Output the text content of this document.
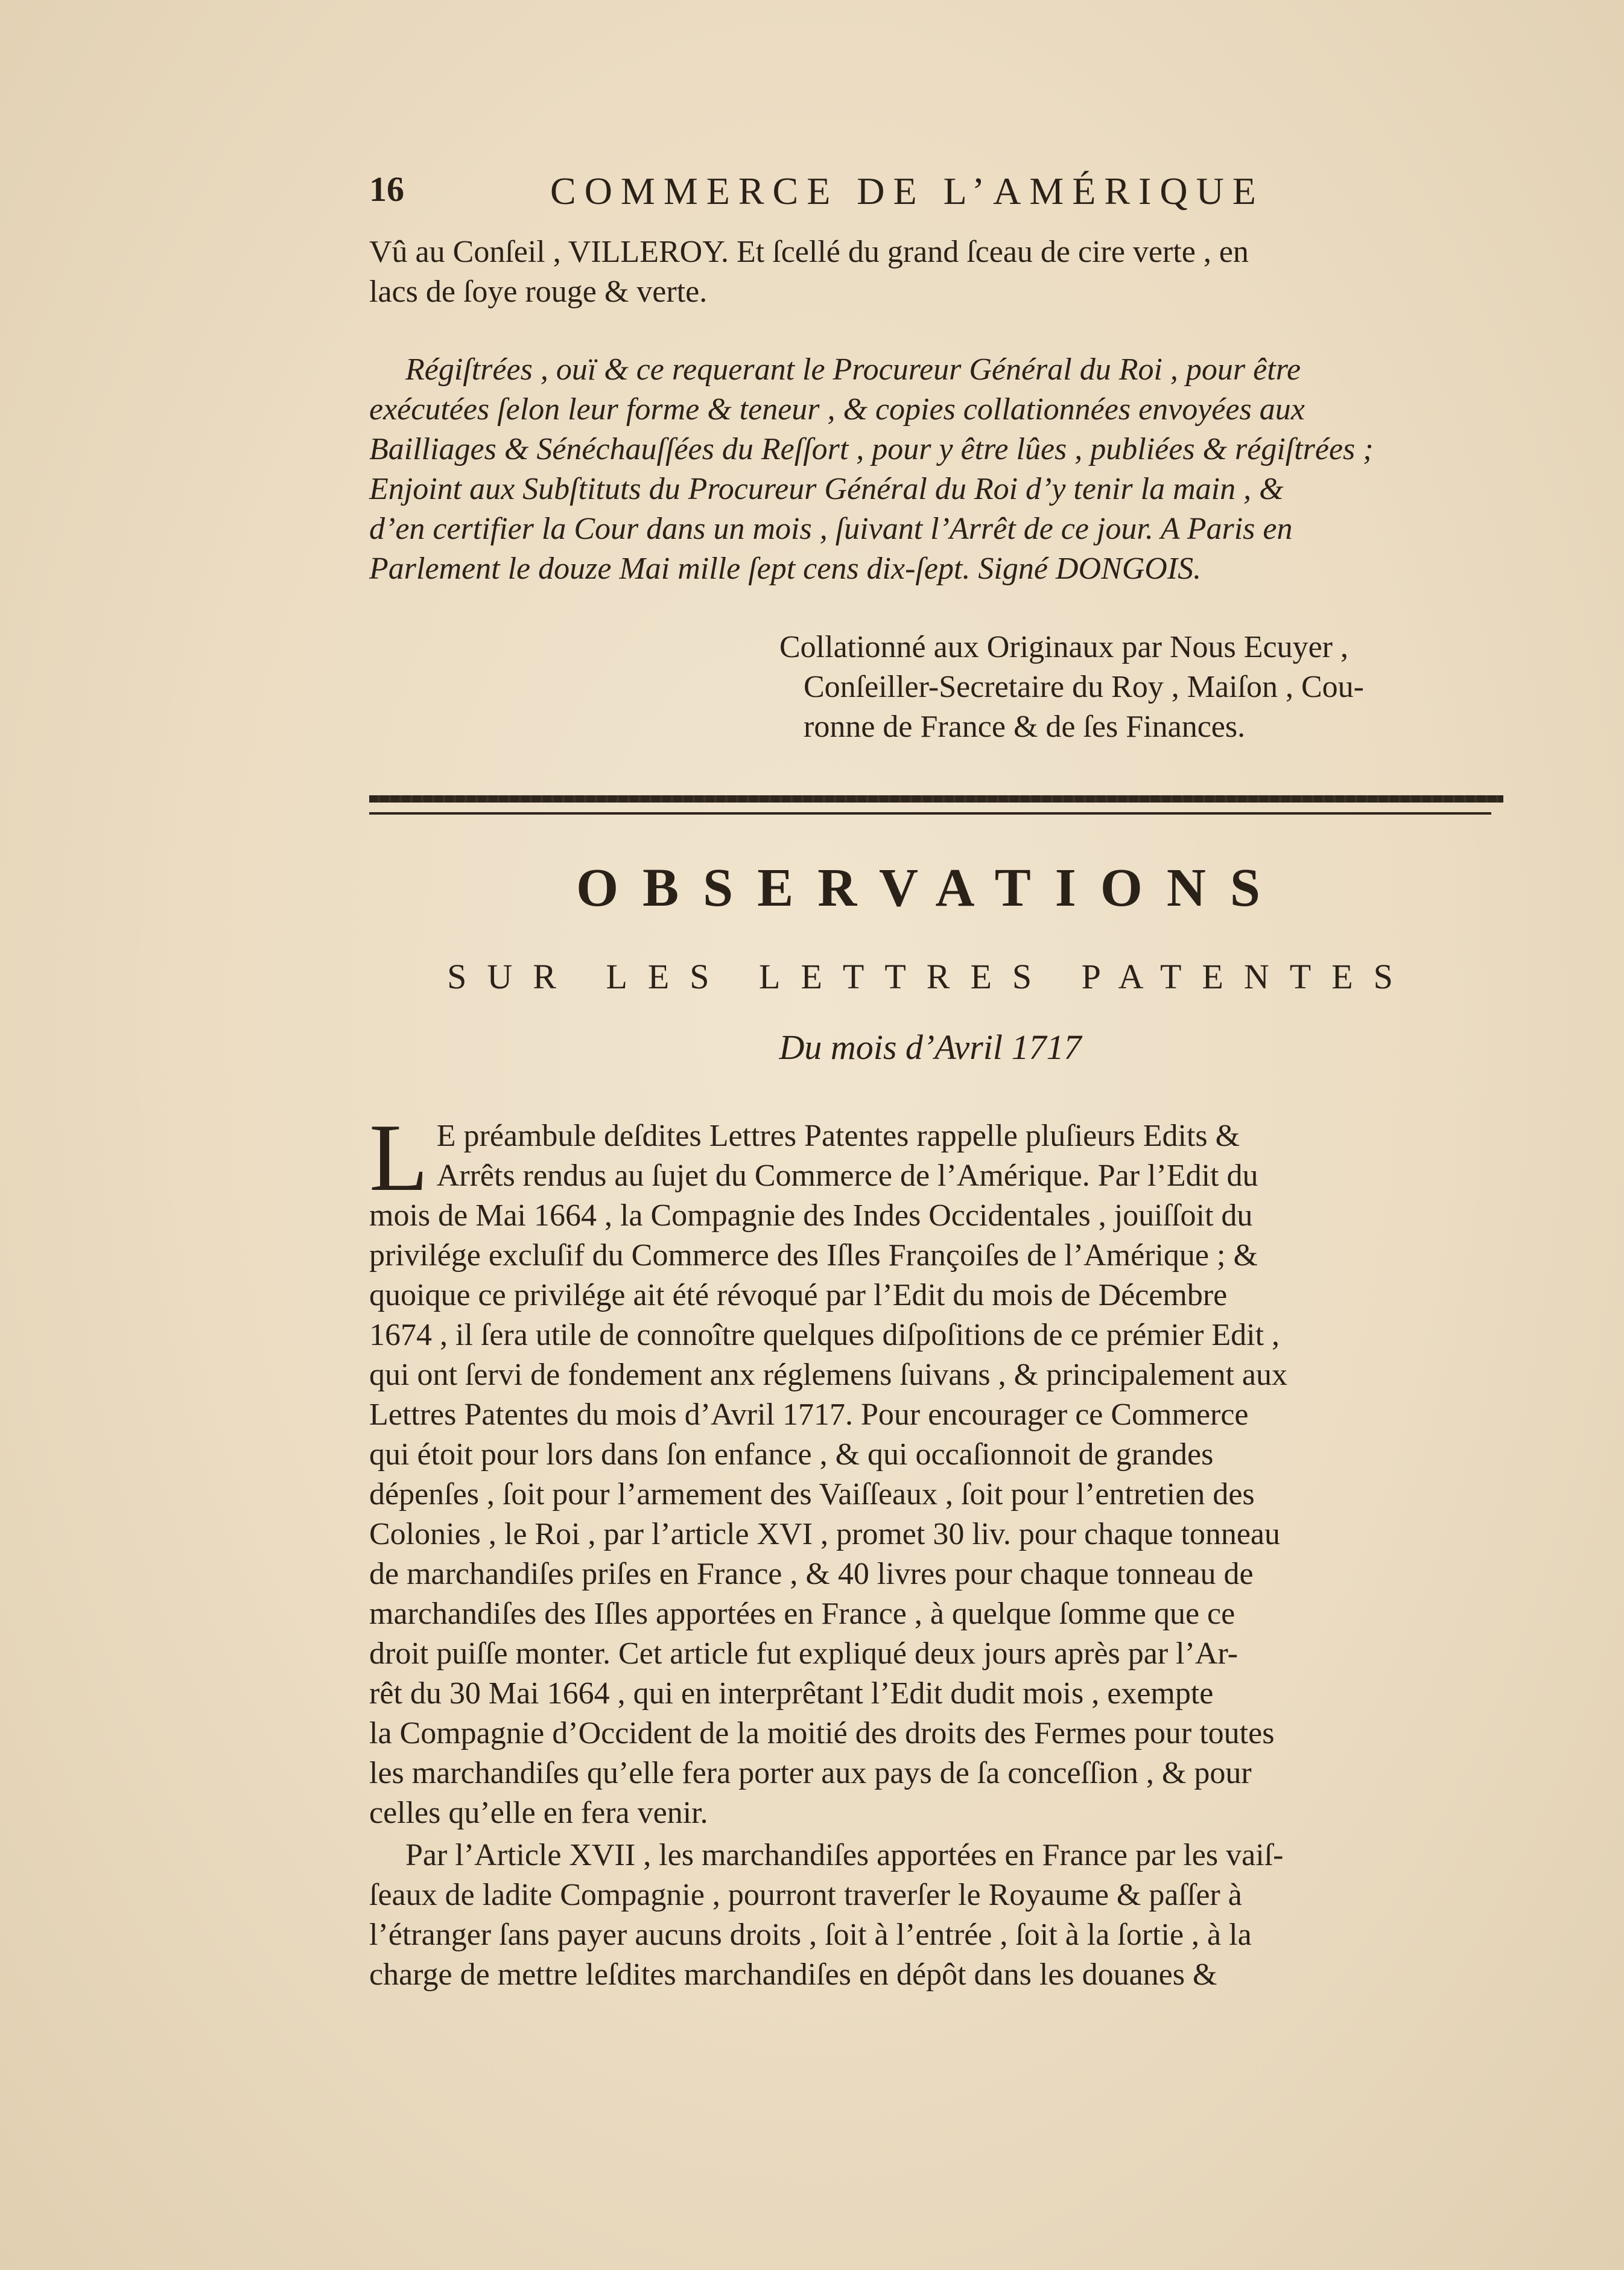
16	COMMERCE DE L’AMÉRIQUE
Vû au Conſeil , VILLEROY. Et ſcellé du grand ſceau de cire verte , en
lacs de ſoye rouge & verte.
Régiſtrées , ouï & ce requerant le Procureur Général du Roi , pour être
exécutées ſelon leur forme & teneur , & copies collationnées envoyées aux
Bailliages & Sénéchauſſées du Reſſort , pour y être lûes , publiées & régiſtrées ;
Enjoint aux Subſtituts du Procureur Général du Roi d’y tenir la main , &
d’en certifier la Cour dans un mois , ſuivant l’Arrêt de ce jour. A Paris en
Parlement le douze Mai mille ſept cens dix-ſept. Signé DONGOIS.
Collationné aux Originaux par Nous Ecuyer ,
Conſeiller-Secretaire du Roy , Maiſon , Cou-
ronne de France & de ſes Finances.
OBSERVATIONS
SUR LES LETTRES PATENTES
Du mois d’Avril 1717
L E préambule deſdites Lettres Patentes rappelle pluſieurs Edits &
Arrêts rendus au ſujet du Commerce de l’Amérique. Par l’Edit du
mois de Mai 1664 , la Compagnie des Indes Occidentales , jouiſſoit du
privilége excluſif du Commerce des Iſles Françoiſes de l’Amérique ; &
quoique ce privilége ait été révoqué par l’Edit du mois de Décembre
1674 , il ſera utile de connoître quelques diſpoſitions de ce prémier Edit ,
qui ont ſervi de fondement anx réglemens ſuivans , & principalement aux
Lettres Patentes du mois d’Avril 1717. Pour encourager ce Commerce
qui étoit pour lors dans ſon enfance , & qui occaſionnoit de grandes
dépenſes , ſoit pour l’armement des Vaiſſeaux , ſoit pour l’entretien des
Colonies , le Roi , par l’article XVI , promet 30 liv. pour chaque tonneau
de marchandiſes priſes en France , & 40 livres pour chaque tonneau de
marchandiſes des Iſles apportées en France , à quelque ſomme que ce
droit puiſſe monter. Cet article fut expliqué deux jours après par l’Ar-
rêt du 30 Mai 1664 , qui en interprêtant l’Edit dudit mois , exempte
la Compagnie d’Occident de la moitié des droits des Fermes pour toutes
les marchandiſes qu’elle fera porter aux pays de ſa conceſſion , & pour
celles qu’elle en fera venir.
Par l’Article XVII , les marchandiſes apportées en France par les vaiſ-
ſeaux de ladite Compagnie , pourront traverſer le Royaume & paſſer à
l’étranger ſans payer aucuns droits , ſoit à l’entrée , ſoit à la ſortie , à la
charge de mettre leſdites marchandiſes en dépôt dans les douanes &
